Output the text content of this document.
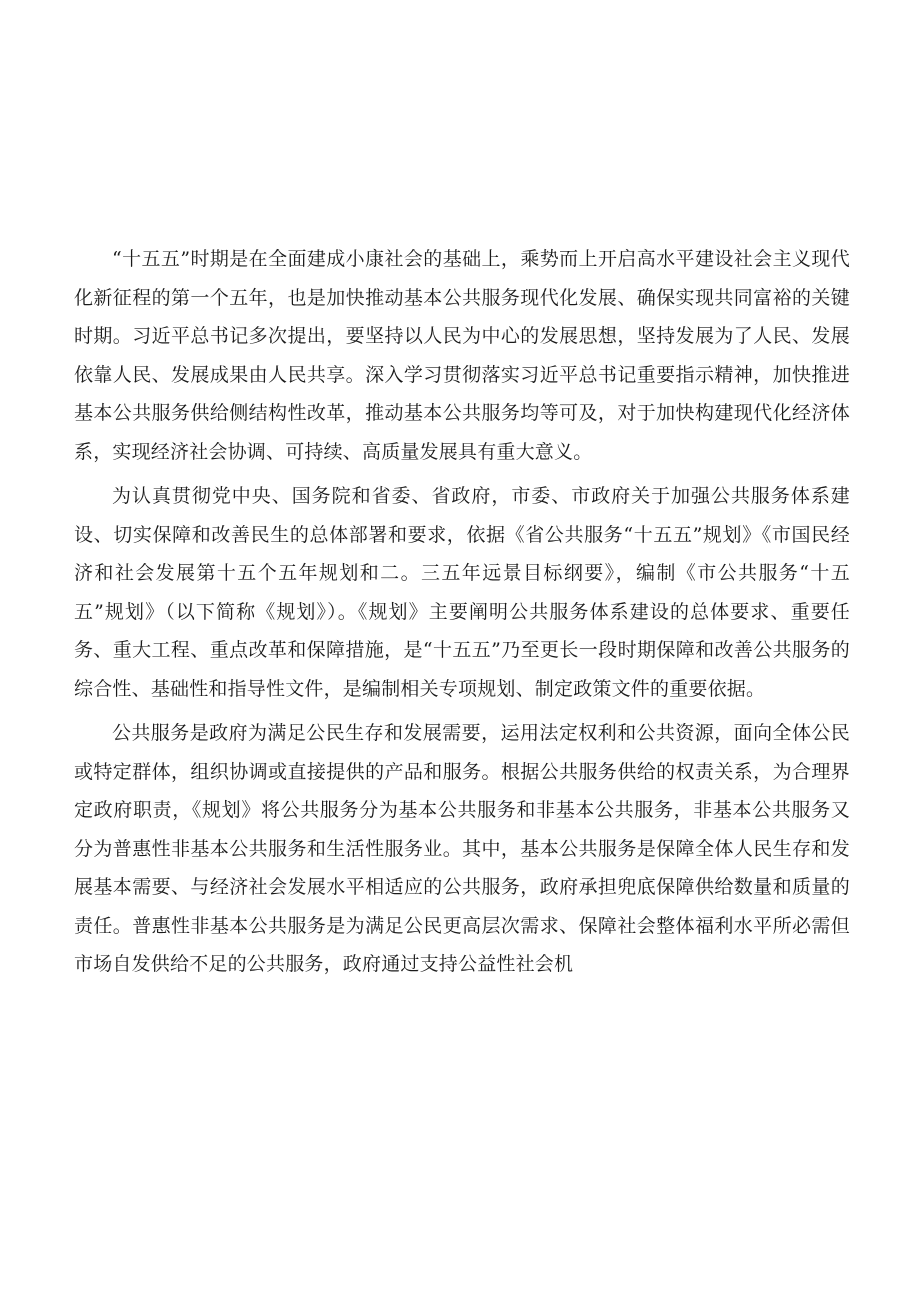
“十五五”时期是在全面建成小康社会的基础上，乘势而上开启高水平建设社会主义现代化新征程的第一个五年，也是加快推动基本公共服务现代化发展、确保实现共同富裕的关键时期。习近平总书记多次提出，要坚持以人民为中心的发展思想，坚持发展为了人民、发展依靠人民、发展成果由人民共享。深入学习贯彻落实习近平总书记重要指示精神，加快推进基本公共服务供给侧结构性改革，推动基本公共服务均等可及，对于加快构建现代化经济体系，实现经济社会协调、可持续、高质量发展具有重大意义。

为认真贯彻党中央、国务院和省委、省政府，市委、市政府关于加强公共服务体系建设、切实保障和改善民生的总体部署和要求，依据《省公共服务“十五五”规划》《市国民经济和社会发展第十五个五年规划和二。三五年远景目标纲要》，编制《市公共服务“十五五”规划》（以下简称《规划》）。《规划》主要阐明公共服务体系建设的总体要求、重要任务、重大工程、重点改革和保障措施，是“十五五”乃至更长一段时期保障和改善公共服务的综合性、基础性和指导性文件，是编制相关专项规划、制定政策文件的重要依据。

公共服务是政府为满足公民生存和发展需要，运用法定权利和公共资源，面向全体公民或特定群体，组织协调或直接提供的产品和服务。根据公共服务供给的权责关系，为合理界定政府职责，《规划》将公共服务分为基本公共服务和非基本公共服务，非基本公共服务又分为普惠性非基本公共服务和生活性服务业。其中，基本公共服务是保障全体人民生存和发展基本需要、与经济社会发展水平相适应的公共服务，政府承担兜底保障供给数量和质量的责任。普惠性非基本公共服务是为满足公民更高层次需求、保障社会整体福利水平所必需但市场自发供给不足的公共服务，政府通过支持公益性社会机
